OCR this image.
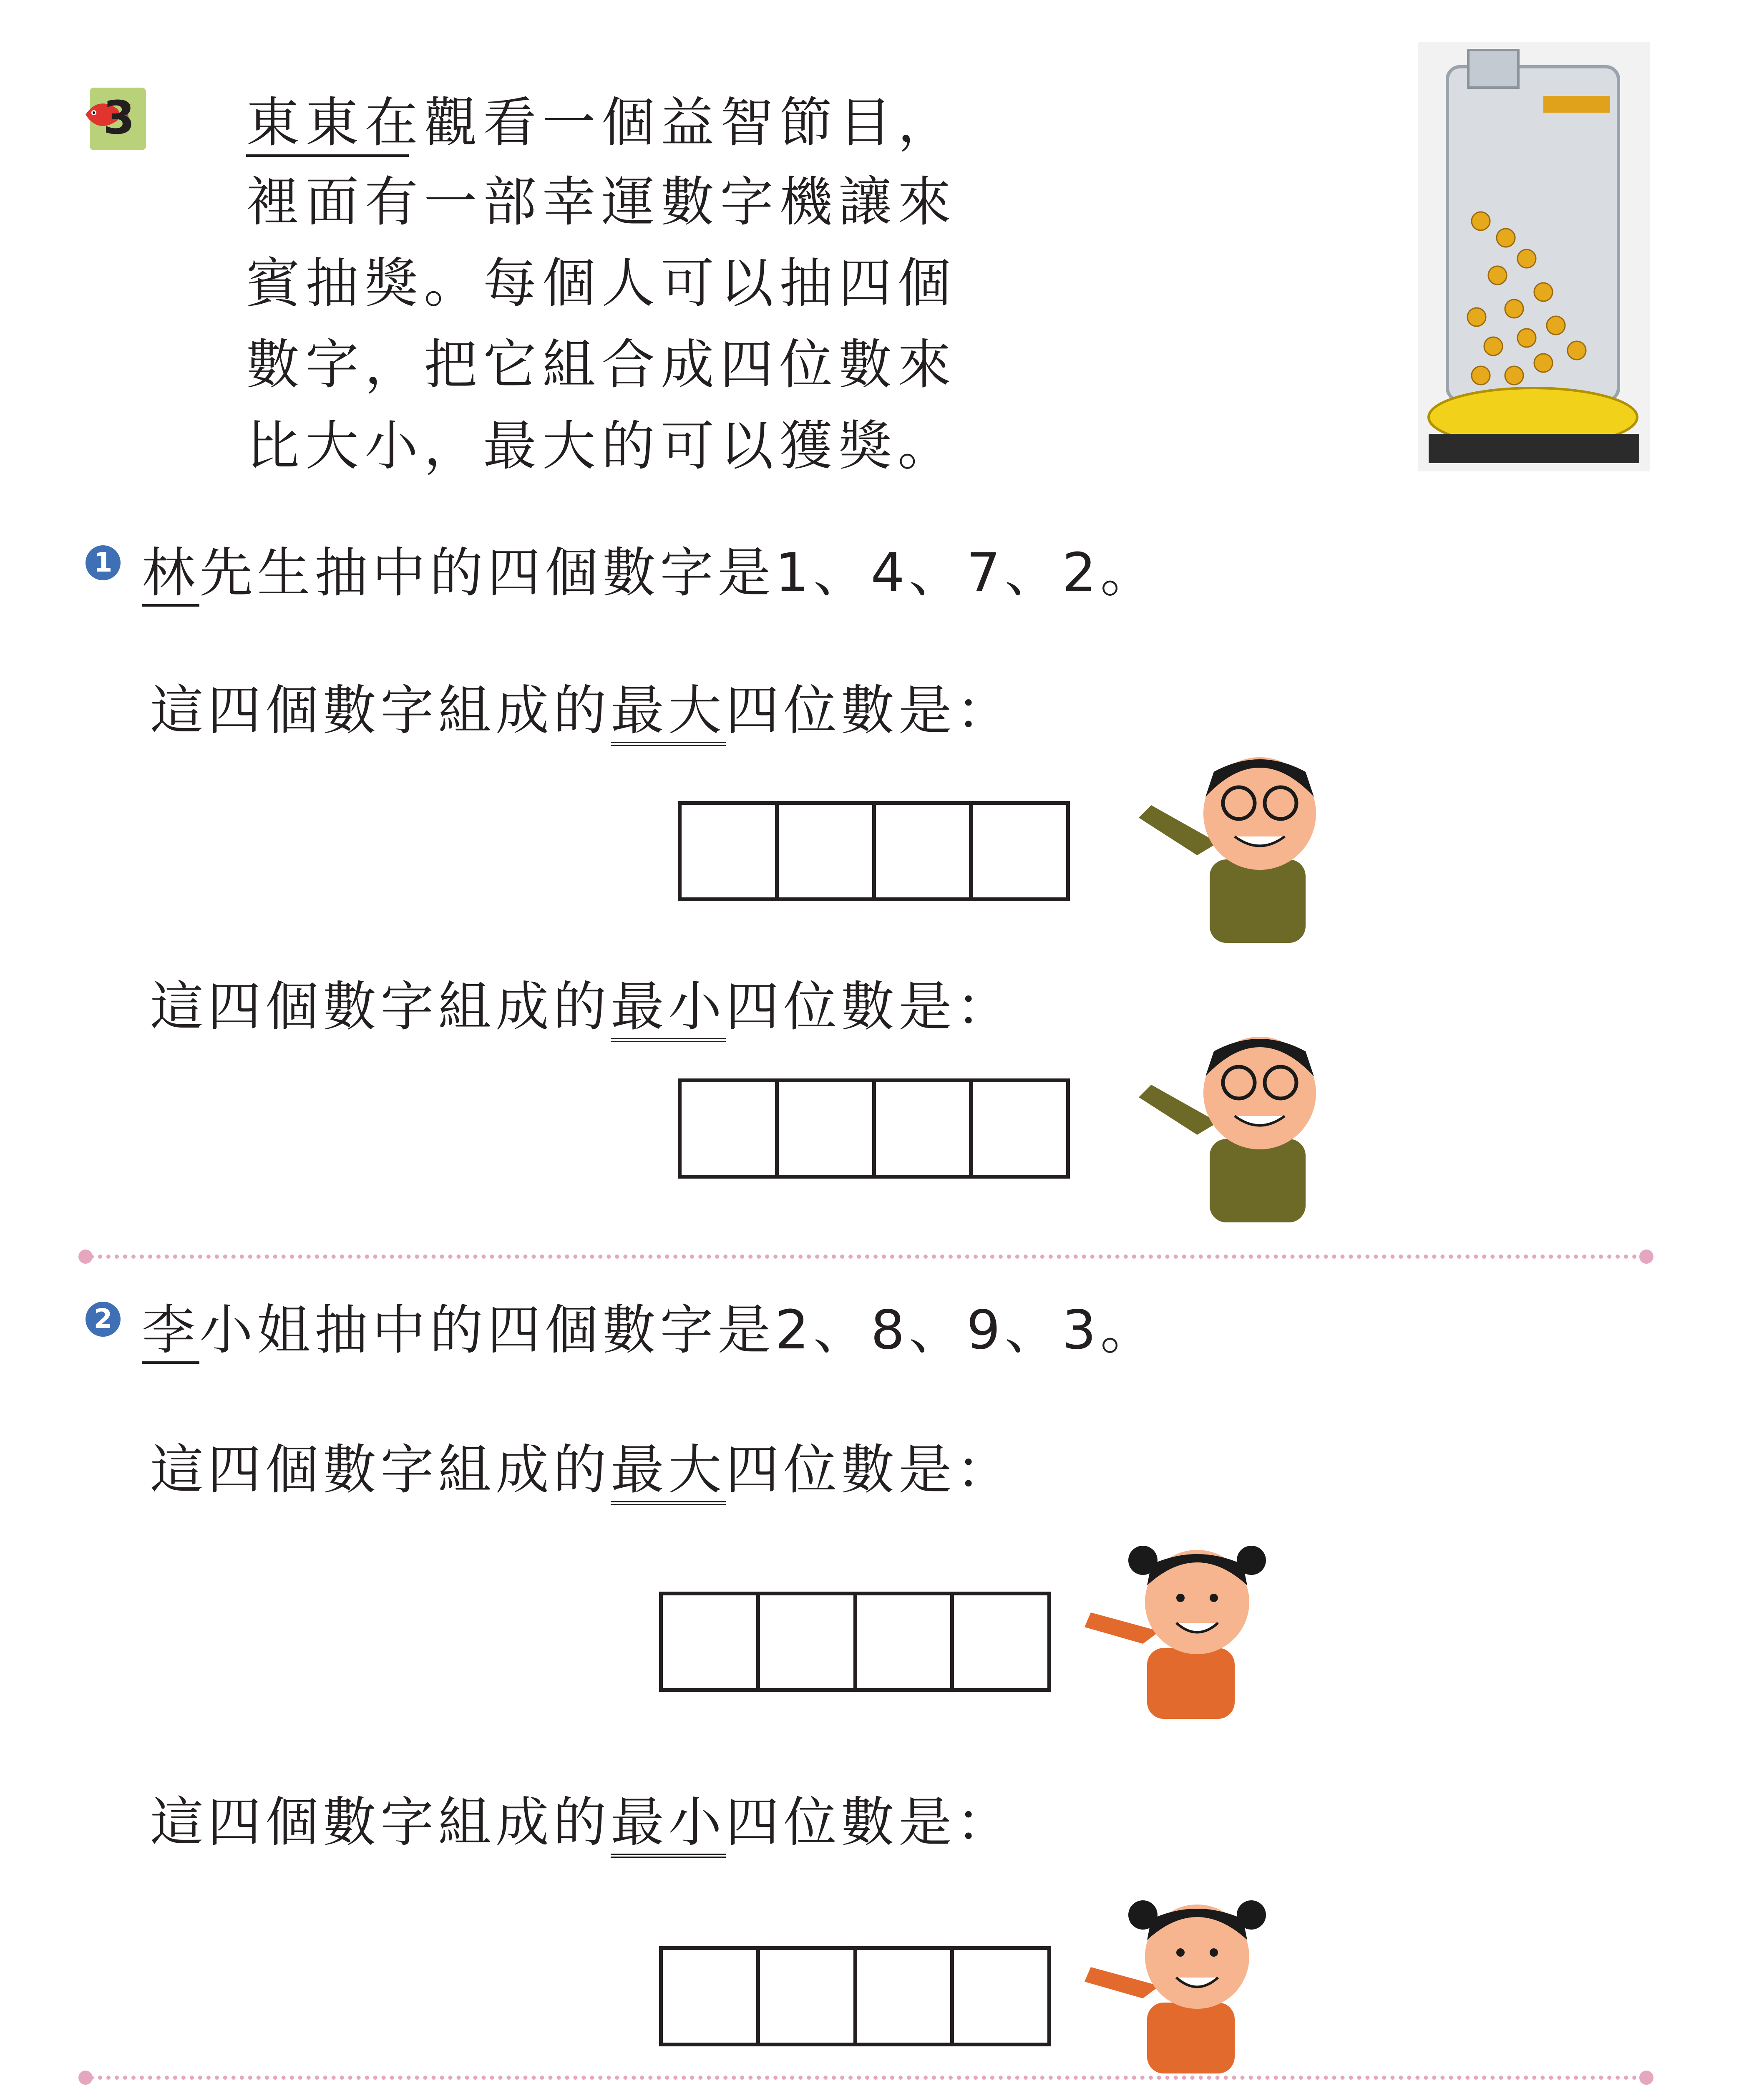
3 東東在觀看一個益智節目，
裡面有一部幸運數字機讓來
賓抽獎。每個人可以抽四個
數字，把它組合成四位數來
比大小，最大的可以獲獎。
1 林先生抽中的四個數字是1、4、7、2。
這四個數字組成的最大四位數是：
這四個數字組成的最小四位數是：
2 李小姐抽中的四個數字是2、8、9、3。
這四個數字組成的最大四位數是：
這四個數字組成的最小四位數是：
